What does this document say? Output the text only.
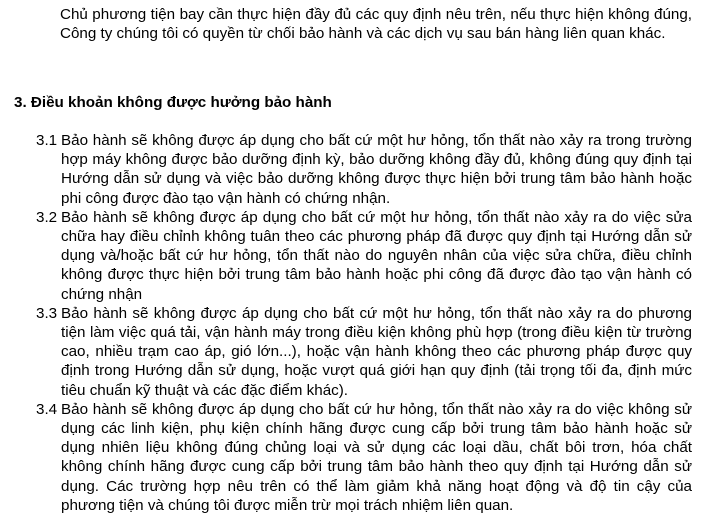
Chủ phương tiện bay cần thực hiện đầy đủ các quy định nêu trên, nếu thực hiện không đúng, Công ty chúng tôi có quyền từ chối bảo hành và các dịch vụ sau bán hàng liên quan khác.

3. Điều khoản không được hưởng bảo hành
3.1 Bảo hành sẽ không được áp dụng cho bất cứ một hư hỏng, tổn thất nào xảy ra trong trường hợp máy không được bảo dưỡng định kỳ, bảo dưỡng không đầy đủ, không đúng quy định tại Hướng dẫn sử dụng và việc bảo dưỡng không được thực hiện bởi trung tâm bảo hành hoặc phi công được đào tạo vận hành có chứng nhận.
3.2 Bảo hành sẽ không được áp dụng cho bất cứ một hư hỏng, tổn thất nào xảy ra do việc sửa chữa hay điều chỉnh không tuân theo các phương pháp đã được quy định tại Hướng dẫn sử dụng và/hoặc bất cứ hư hỏng, tổn thất nào do nguyên nhân của việc sửa chữa, điều chỉnh không được thực hiện bởi trung tâm bảo hành hoặc phi công đã được đào tạo vận hành có chứng nhận
3.3 Bảo hành sẽ không được áp dụng cho bất cứ một hư hỏng, tổn thất nào xảy ra do phương tiện làm việc quá tải, vận hành máy trong điều kiện không phù hợp (trong điều kiện từ trường cao, nhiều trạm cao áp, gió lớn...), hoặc vận hành không theo các phương pháp được quy định trong Hướng dẫn sử dụng, hoặc vượt quá giới hạn quy định (tải trọng tối đa, định mức tiêu chuẩn kỹ thuật và các đặc điểm khác).
3.4 Bảo hành sẽ không được áp dụng cho bất cứ hư hỏng, tổn thất nào xảy ra do việc không sử dụng các linh kiện, phụ kiện chính hãng được cung cấp bởi trung tâm bảo hành hoặc sử dụng nhiên liệu không đúng chủng loại và sử dụng các loại dầu, chất bôi trơn, hóa chất không chính hãng được cung cấp bởi trung tâm bảo hành theo quy định tại Hướng dẫn sử dụng. Các trường hợp nêu trên có thể làm giảm khả năng hoạt động và độ tin cậy của phương tiện và chúng tôi được miễn trừ mọi trách nhiệm liên quan.
